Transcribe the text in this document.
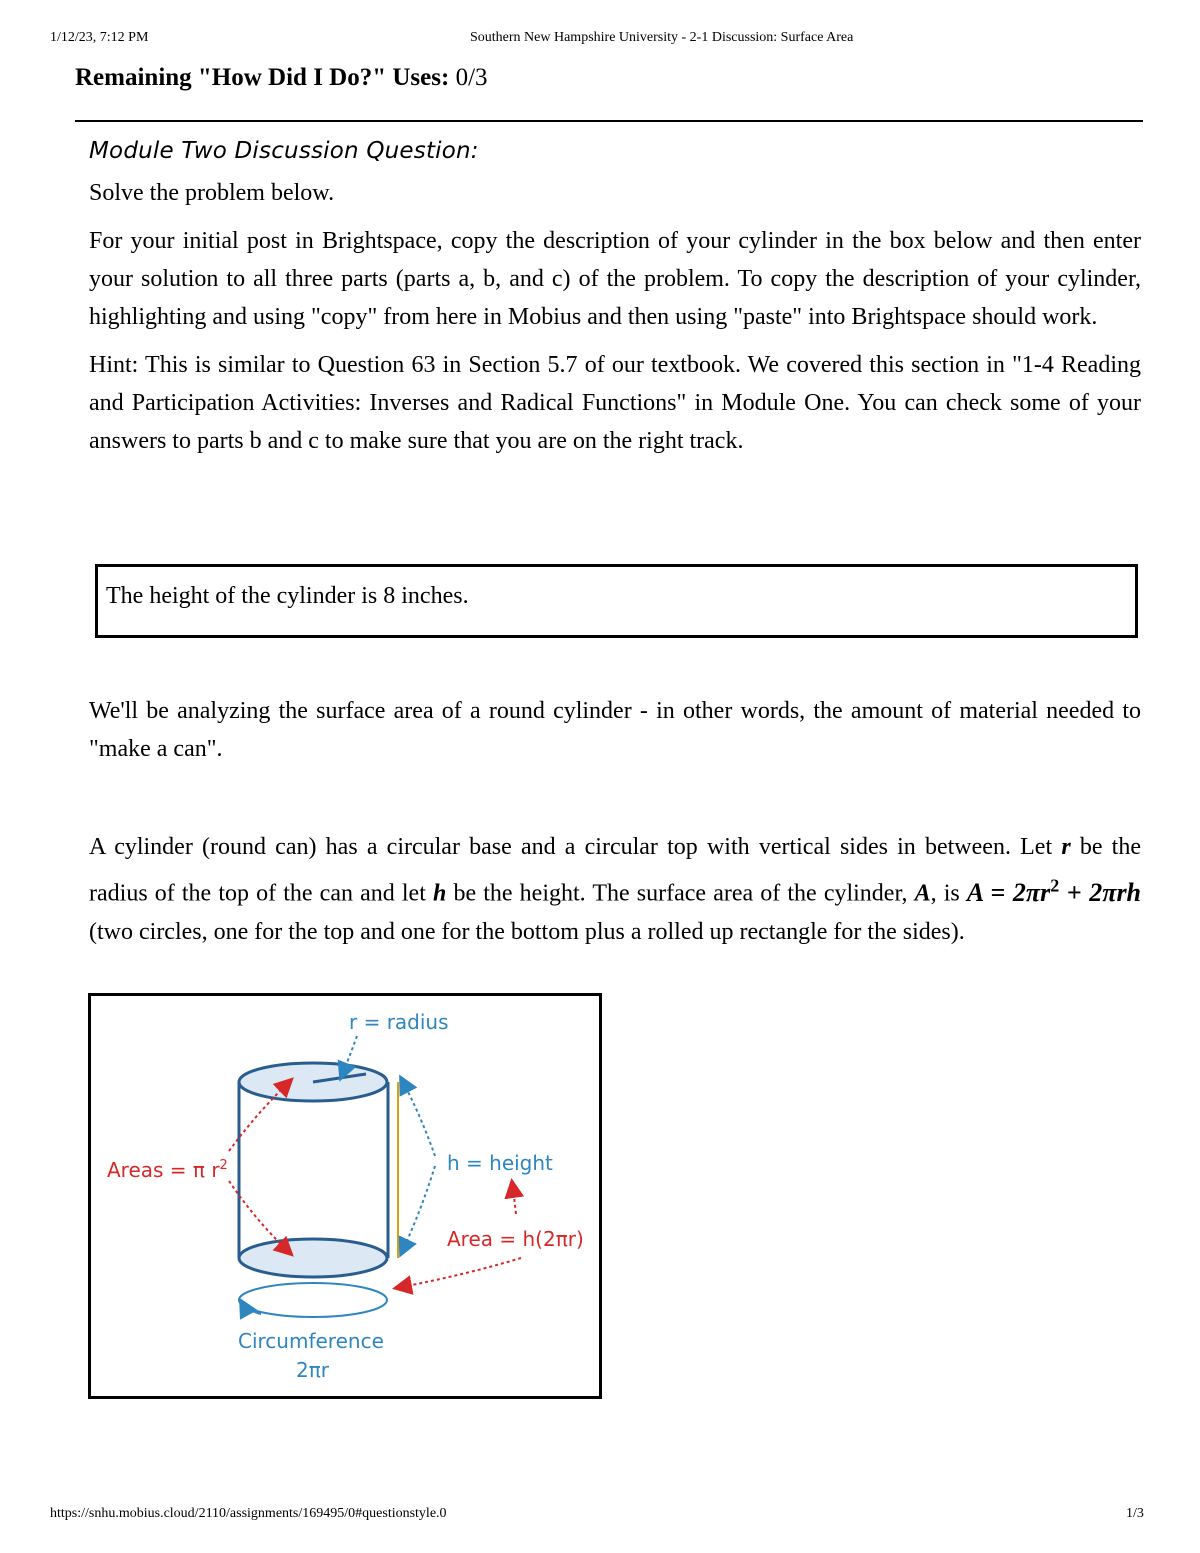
1/12/23, 7:12 PM	Southern New Hampshire University - 2-1 Discussion: Surface Area
Remaining "How Did I Do?" Uses: 0/3
Module Two Discussion Question:

Solve the problem below.

For your initial post in Brightspace, copy the description of your cylinder in the box below and then enter your solution to all three parts (parts a, b, and c) of the problem. To copy the description of your cylinder, highlighting and using "copy" from here in Mobius and then using "paste" into Brightspace should work.

Hint: This is similar to Question 63 in Section 5.7 of our textbook. We covered this section in "1-4 Reading and Participation Activities: Inverses and Radical Functions" in Module One. You can check some of your answers to parts b and c to make sure that you are on the right track.

The height of the cylinder is 8 inches.

We'll be analyzing the surface area of a round cylinder - in other words, the amount of material needed to "make a can".

A cylinder (round can) has a circular base and a circular top with vertical sides in between. Let r be the radius of the top of the can and let h be the height. The surface area of the cylinder, A, is $A = 2\pi r^2 + 2\pi rh$ (two circles, one for the top and one for the bottom plus a rolled up rectangle for the sides).

r = radius
Areas = π $r^2$	h = height
Area = h(2πr)
Circumference
2πr
https://snhu.mobius.cloud/2110/assignments/169495/0#questionstyle.0	1/3
